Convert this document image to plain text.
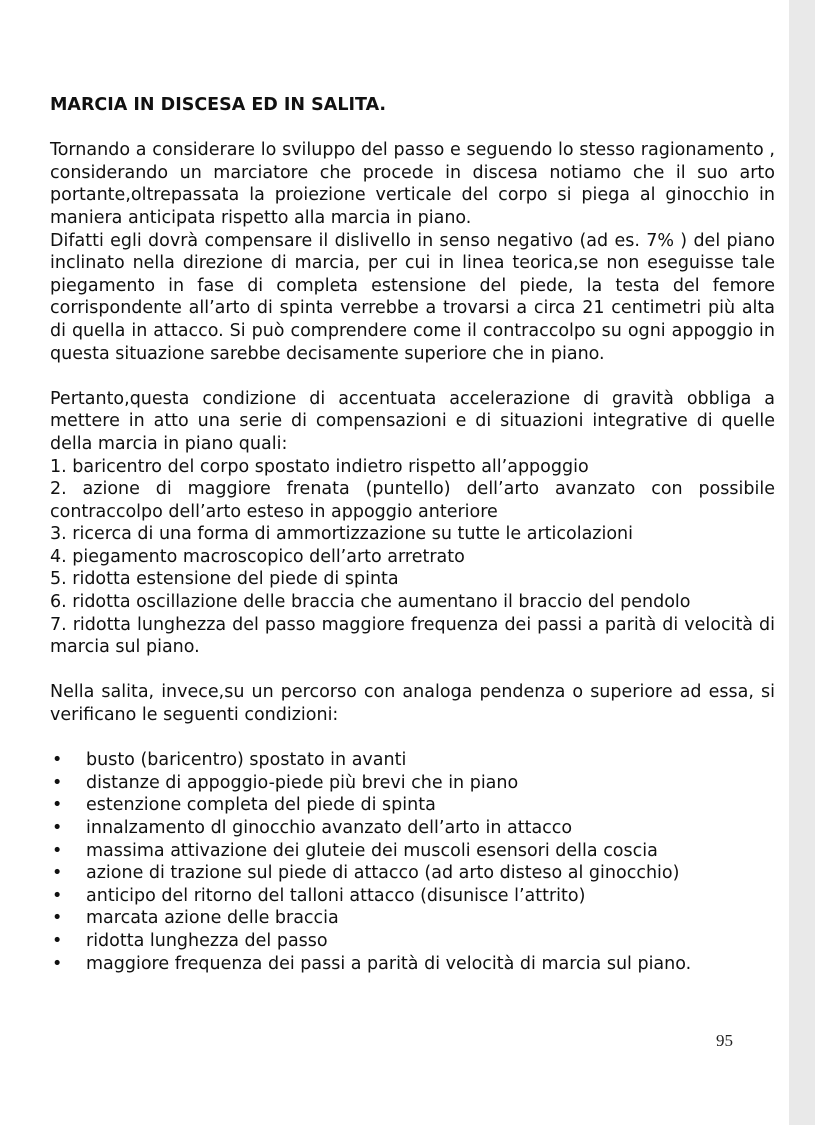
MARCIA IN DISCESA ED IN SALITA.

Tornando a considerare lo sviluppo del passo e seguendo lo stesso ragionamento , considerando un marciatore che procede in discesa notiamo che il suo arto portante,oltrepassata la proiezione verticale del corpo si piega al ginocchio in maniera anticipata rispetto alla marcia in piano.

Difatti egli dovrà compensare il dislivello in senso negativo (ad es. 7% ) del piano inclinato nella direzione di marcia, per cui in linea teorica,se non eseguisse tale piegamento in fase di completa estensione del piede, la testa del femore corrispondente all’arto di spinta verrebbe a trovarsi a circa 21 centimetri più alta di quella in attacco. Si può comprendere come il contraccolpo su ogni appoggio in questa situazione sarebbe decisamente superiore che in piano.

Pertanto,questa condizione di accentuata accelerazione di gravità obbliga a mettere in atto una serie di compensazioni e di situazioni integrative di quelle della marcia in piano quali:

1. baricentro del corpo spostato indietro rispetto all’appoggio
2. azione di maggiore frenata (puntello) dell’arto avanzato con possibile contraccolpo dell’arto esteso in appoggio anteriore
3. ricerca di una forma di ammortizzazione su tutte le articolazioni
4. piegamento macroscopico dell’arto arretrato
5. ridotta estensione del piede di spinta
6. ridotta oscillazione delle braccia che aumentano il braccio del pendolo
7. ridotta lunghezza del passo maggiore frequenza dei passi a parità di velocità di marcia sul piano.

Nella salita, invece,su un percorso con analoga pendenza o superiore ad essa, si verificano le seguenti condizioni:

• busto (baricentro) spostato in avanti
• distanze di appoggio-piede più brevi che in piano
• estenzione completa del piede di spinta
• innalzamento dl ginocchio avanzato dell’arto in attacco
• massima attivazione dei gluteie dei muscoli esensori della coscia
• azione di trazione sul piede di attacco (ad arto disteso al ginocchio)
• anticipo del ritorno del talloni attacco (disunisce l’attrito)
• marcata azione delle braccia
• ridotta lunghezza del passo
• maggiore frequenza dei passi a parità di velocità di marcia sul piano.
95
